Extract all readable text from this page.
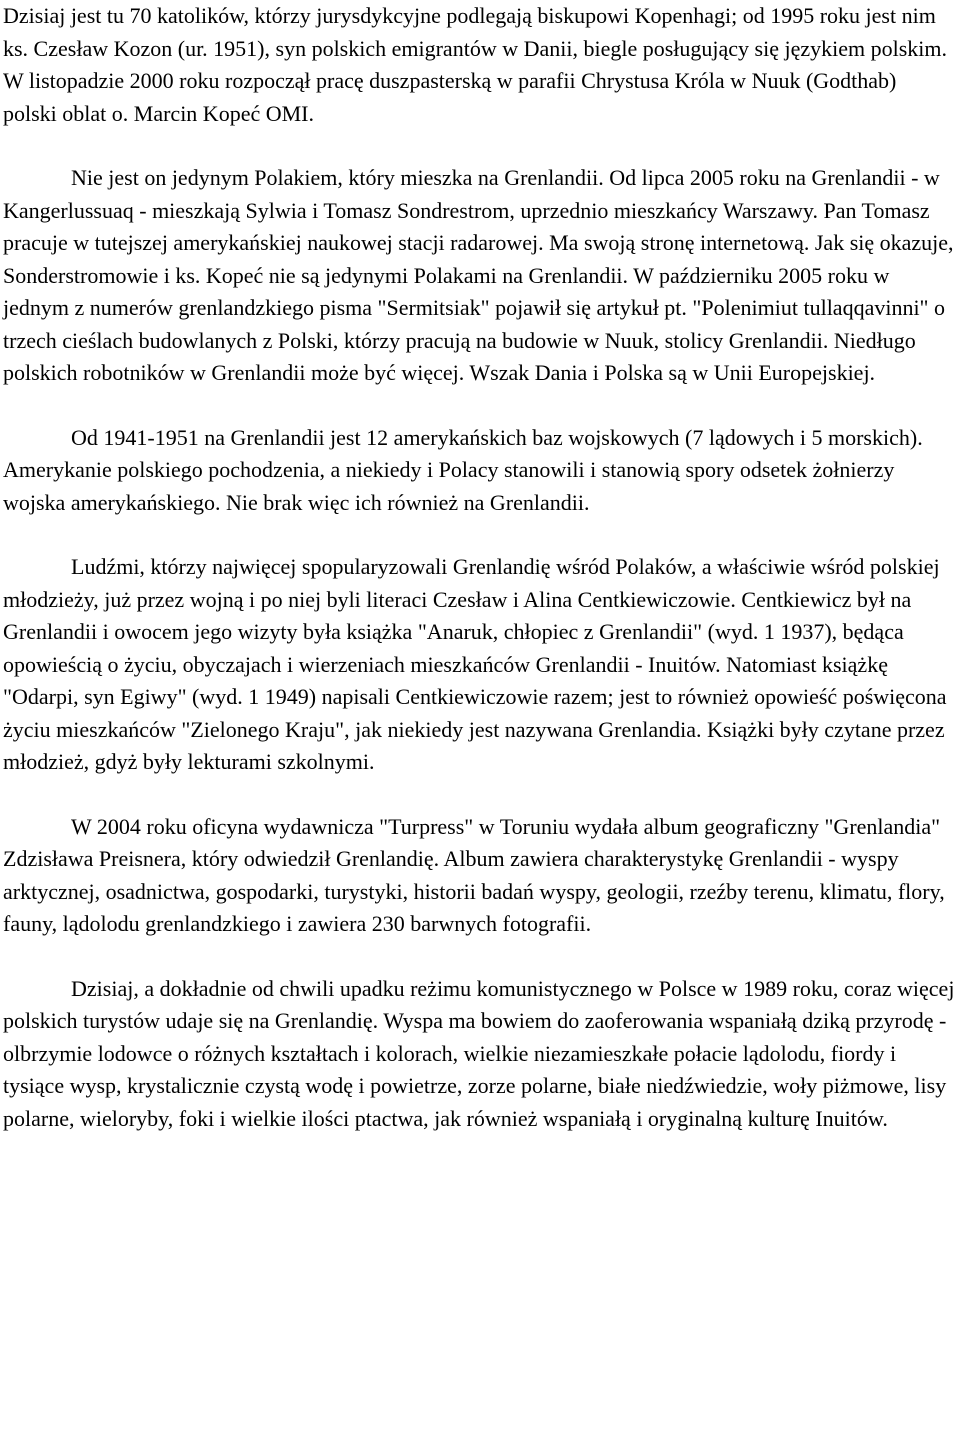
Dzisiaj jest tu 70 katolików, którzy jurysdykcyjne podlegają biskupowi Kopenhagi; od 1995 roku jest nim ks. Czesław Kozon (ur. 1951), syn polskich emigrantów w Danii, biegle posługujący się językiem polskim. W listopadzie 2000 roku rozpoczął pracę duszpasterską w parafii Chrystusa Króla w Nuuk (Godthab) polski oblat o. Marcin Kopeć OMI.

Nie jest on jedynym Polakiem, który mieszka na Grenlandii. Od lipca 2005 roku na Grenlandii - w Kangerlussuaq - mieszkają Sylwia i Tomasz Sondrestrom, uprzednio mieszkańcy Warszawy. Pan Tomasz pracuje w tutejszej amerykańskiej naukowej stacji radarowej. Ma swoją stronę internetową. Jak się okazuje, Sonderstromowie i ks. Kopeć nie są jedynymi Polakami na Grenlandii. W październiku 2005 roku w jednym z numerów grenlandzkiego pisma "Sermitsiak" pojawił się artykuł pt. "Polenimiut tullaqqavinni" o trzech cieślach budowlanych z Polski, którzy pracują na budowie w Nuuk, stolicy Grenlandii. Niedługo polskich robotników w Grenlandii może być więcej. Wszak Dania i Polska są w Unii Europejskiej.

Od 1941-1951 na Grenlandii jest 12 amerykańskich baz wojskowych (7 lądowych i 5 morskich). Amerykanie polskiego pochodzenia, a niekiedy i Polacy stanowili i stanowią spory odsetek żołnierzy wojska amerykańskiego. Nie brak więc ich również na Grenlandii.

Ludźmi, którzy najwięcej spopularyzowali Grenlandię wśród Polaków, a właściwie wśród polskiej młodzieży, już przez wojną i po niej byli literaci Czesław i Alina Centkiewiczowie. Centkiewicz był na Grenlandii i owocem jego wizyty była książka "Anaruk, chłopiec z Grenlandii" (wyd. 1 1937), będąca opowieścią o życiu, obyczajach i wierzeniach mieszkańców Grenlandii - Inuitów. Natomiast książkę "Odarpi, syn Egiwy" (wyd. 1 1949) napisali Centkiewiczowie razem; jest to również opowieść poświęcona życiu mieszkańców "Zielonego Kraju", jak niekiedy jest nazywana Grenlandia. Książki były czytane przez młodzież, gdyż były lekturami szkolnymi.

W 2004 roku oficyna wydawnicza "Turpress" w Toruniu wydała album geograficzny "Grenlandia" Zdzisława Preisnera, który odwiedził Grenlandię. Album zawiera charakterystykę Grenlandii - wyspy arktycznej, osadnictwa, gospodarki, turystyki, historii badań wyspy, geologii, rzeźby terenu, klimatu, flory, fauny, lądolodu grenlandzkiego i zawiera 230 barwnych fotografii.

Dzisiaj, a dokładnie od chwili upadku reżimu komunistycznego w Polsce w 1989 roku, coraz więcej polskich turystów udaje się na Grenlandię. Wyspa ma bowiem do zaoferowania wspaniałą dziką przyrodę - olbrzymie lodowce o różnych kształtach i kolorach, wielkie niezamieszkałe połacie lądolodu, fiordy i tysiące wysp, krystalicznie czystą wodę i powietrze, zorze polarne, białe niedźwiedzie, woły piżmowe, lisy polarne, wieloryby, foki i wielkie ilości ptactwa, jak również wspaniałą i oryginalną kulturę Inuitów.
